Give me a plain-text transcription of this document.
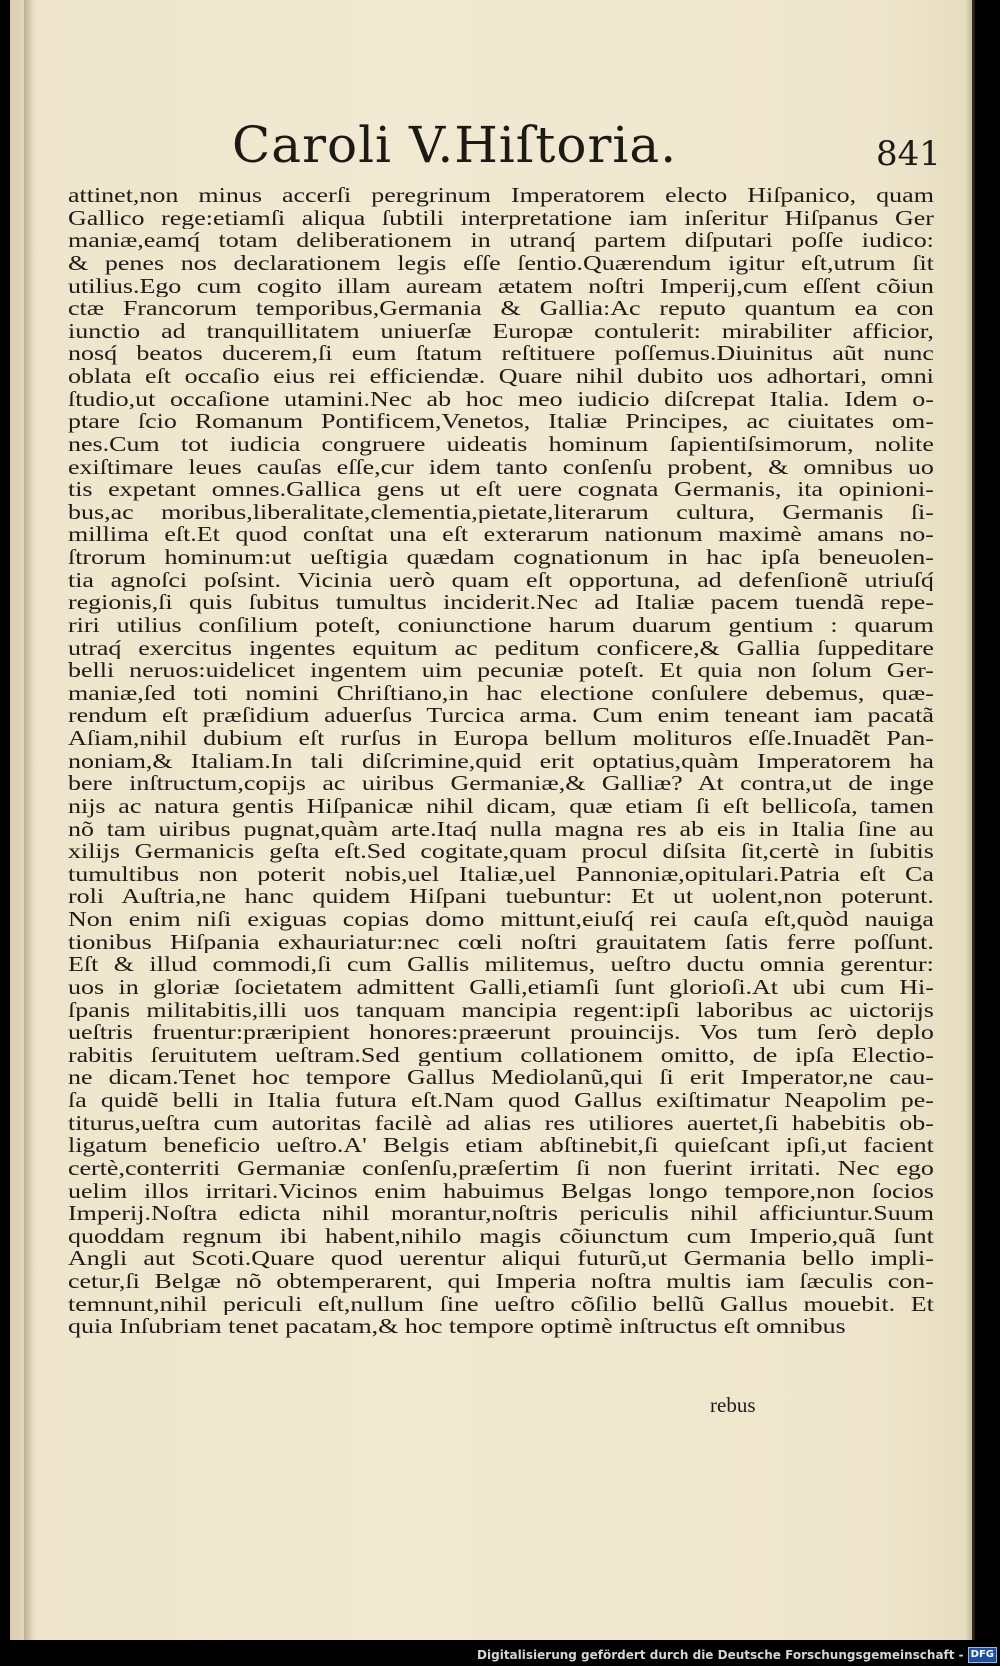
Caroli V.Hiſtoria.	841
attinet,non minus accerſi peregrinum Imperatorem electo Hiſpanico, quam
Gallico rege:etiamſi aliqua ſubtili interpretatione iam inſeritur Hiſpanus Ger
maniæ,eamq́ totam deliberationem in utranq́ partem diſputari poſſe iudico:
& penes nos declarationem legis eſſe ſentio.Quærendum igitur eſt,utrum ſit
utilius.Ego cum cogito illam auream ætatem noſtri Imperij,cum eſſent cõiun
ctæ Francorum temporibus,Germania & Gallia:Ac reputo quantum ea con
iunctio ad tranquillitatem uniuerſæ Europæ contulerit: mirabiliter afficior,
nosq́ beatos ducerem,ſi eum ſtatum reſtituere poſſemus.Diuinitus aũt nunc
oblata eſt occaſio eius rei efficiendæ. Quare nihil dubito uos adhortari, omni
ſtudio,ut occaſione utamini.Nec ab hoc meo iudicio diſcrepat Italia. Idem o-
ptare ſcio Romanum Pontificem,Venetos, Italiæ Principes, ac ciuitates om-
nes.Cum tot iudicia congruere uideatis hominum ſapientiſsimorum, nolite
exiſtimare leues cauſas eſſe,cur idem tanto conſenſu probent, & omnibus uo
tis expetant omnes.Gallica gens ut eſt uere cognata Germanis, ita opinioni-
bus,ac moribus,liberalitate,clementia,pietate,literarum cultura, Germanis ſi-
millima eſt.Et quod conſtat una eſt exterarum nationum maximè amans no-
ſtrorum hominum:ut ueſtigia quædam cognationum in hac ipſa beneuolen-
tia agnoſci poſsint. Vicinia uerò quam eſt opportuna, ad defenſionẽ utriuſq́
regionis,ſi quis ſubitus tumultus inciderit.Nec ad Italiæ pacem tuendã repe-
riri utilius conſilium poteſt, coniunctione harum duarum gentium : quarum
utraq́ exercitus ingentes equitum ac peditum conficere,& Gallia ſuppeditare
belli neruos:uidelicet ingentem uim pecuniæ poteſt. Et quia non ſolum Ger-
maniæ,ſed toti nomini Chriſtiano,in hac electione conſulere debemus, quæ-
rendum eſt præſidium aduerſus Turcica arma. Cum enim teneant iam pacatã
Aſiam,nihil dubium eſt rurſus in Europa bellum molituros eſſe.Inuadẽt Pan-
noniam,& Italiam.In tali diſcrimine,quid erit optatius,quàm Imperatorem ha
bere inſtructum,copijs ac uiribus Germaniæ,& Galliæ? At contra,ut de inge
nijs ac natura gentis Hiſpanicæ nihil dicam, quæ etiam ſi eſt bellicoſa, tamen
nõ tam uiribus pugnat,quàm arte.Itaq́ nulla magna res ab eis in Italia ſine au
xilijs Germanicis geſta eſt.Sed cogitate,quam procul diſsita ſit,certè in ſubitis
tumultibus non poterit nobis,uel Italiæ,uel Pannoniæ,opitulari.Patria eſt Ca
roli Auſtria,ne hanc quidem Hiſpani tuebuntur: Et ut uolent,non poterunt.
Non enim niſi exiguas copias domo mittunt,eiuſq́ rei cauſa eſt,quòd nauiga
tionibus Hiſpania exhauriatur:nec cœli noſtri grauitatem ſatis ferre poſſunt.
Eſt & illud commodi,ſi cum Gallis militemus, ueſtro ductu omnia gerentur:
uos in gloriæ ſocietatem admittent Galli,etiamſi ſunt glorioſi.At ubi cum Hi-
ſpanis militabitis,illi uos tanquam mancipia regent:ipſi laboribus ac uictorijs
ueſtris fruentur:præripient honores:præerunt prouincijs. Vos tum ſerò deplo
rabitis ſeruitutem ueſtram.Sed gentium collationem omitto, de ipſa Electio-
ne dicam.Tenet hoc tempore Gallus Mediolanũ,qui ſi erit Imperator,ne cau-
ſa quidẽ belli in Italia futura eſt.Nam quod Gallus exiſtimatur Neapolim pe-
titurus,ueſtra cum autoritas facilè ad alias res utiliores auertet,ſi habebitis ob-
ligatum beneficio ueſtro.A' Belgis etiam abſtinebit,ſi quieſcant ipſi,ut facient
certè,conterriti Germaniæ conſenſu,præſertim ſi non fuerint irritati. Nec ego
uelim illos irritari.Vicinos enim habuimus Belgas longo tempore,non ſocios
Imperij.Noſtra edicta nihil morantur,noſtris periculis nihil afficiuntur.Suum
quoddam regnum ibi habent,nihilo magis cõiunctum cum Imperio,quã ſunt
Angli aut Scoti.Quare quod uerentur aliqui futurũ,ut Germania bello impli-
cetur,ſi Belgæ nõ obtemperarent, qui Imperia noſtra multis iam ſæculis con-
temnunt,nihil periculi eſt,nullum ſine ueſtro cõſilio bellũ Gallus mouebit. Et
quia Inſubriam tenet pacatam,& hoc tempore optimè inſtructus eſt omnibus
rebus
Digitalisierung gefördert durch die Deutsche Forschungsgemeinschaft - DFG
